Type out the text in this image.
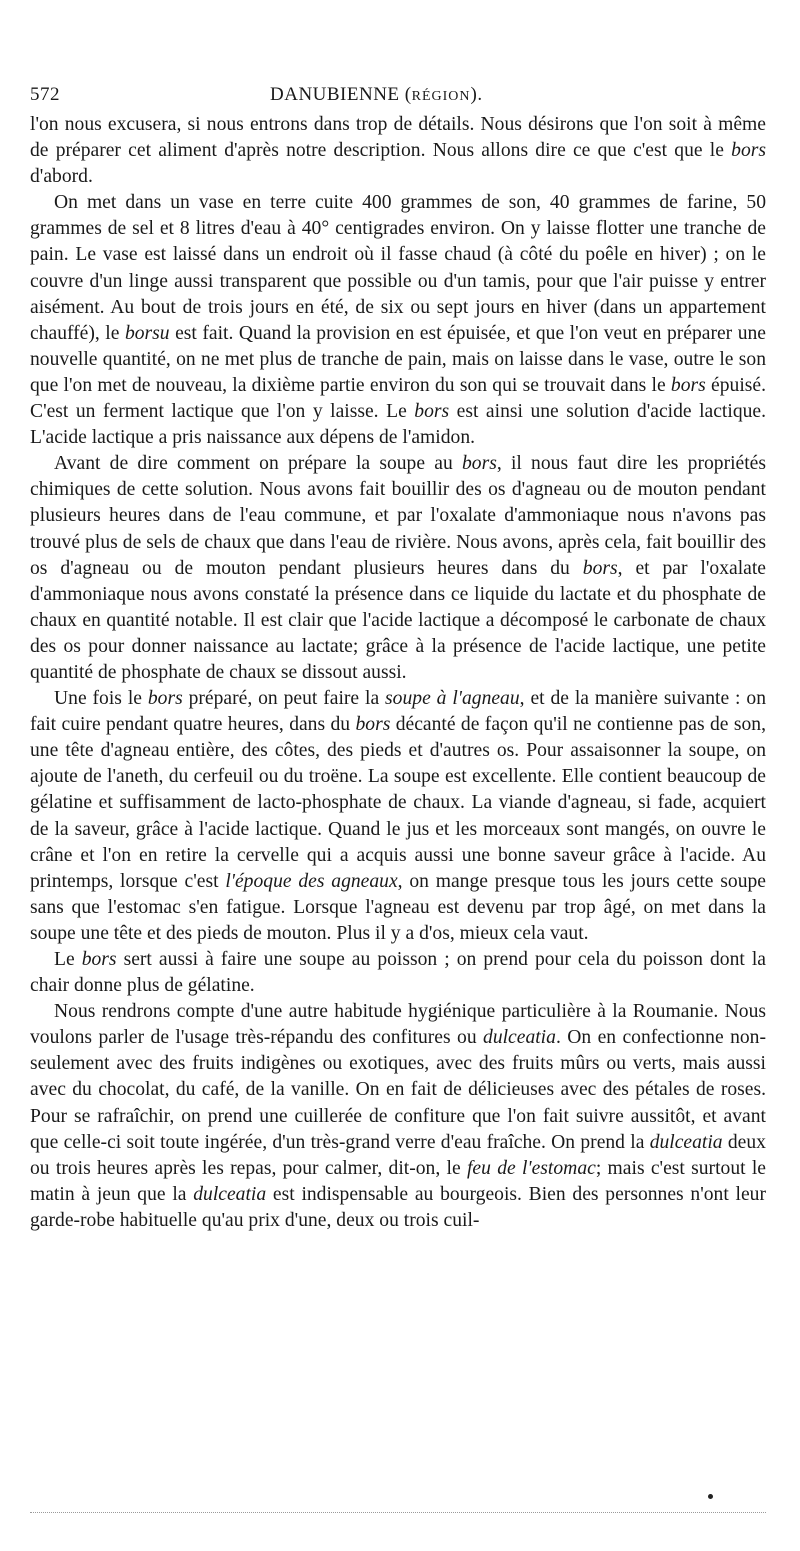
572	DANUBIENNE (RÉGION).

l'on nous excusera, si nous entrons dans trop de détails. Nous désirons que l'on soit à même de préparer cet aliment d'après notre description. Nous allons dire ce que c'est que le bors d'abord.

On met dans un vase en terre cuite 400 grammes de son, 40 grammes de farine, 50 grammes de sel et 8 litres d'eau à 40° centigrades environ. On y laisse flotter une tranche de pain. Le vase est laissé dans un endroit où il fasse chaud (à côté du poêle en hiver) ; on le couvre d'un linge aussi transparent que possible ou d'un tamis, pour que l'air puisse y entrer aisément. Au bout de trois jours en été, de six ou sept jours en hiver (dans un appartement chauffé), le borsu est fait. Quand la provision en est épuisée, et que l'on veut en préparer une nouvelle quantité, on ne met plus de tranche de pain, mais on laisse dans le vase, outre le son que l'on met de nouveau, la dixième partie environ du son qui se trouvait dans le bors épuisé. C'est un ferment lactique que l'on y laisse. Le bors est ainsi une solution d'acide lactique. L'acide lactique a pris naissance aux dépens de l'amidon.

Avant de dire comment on prépare la soupe au bors, il nous faut dire les propriétés chimiques de cette solution. Nous avons fait bouillir des os d'agneau ou de mouton pendant plusieurs heures dans de l'eau commune, et par l'oxalate d'ammoniaque nous n'avons pas trouvé plus de sels de chaux que dans l'eau de rivière. Nous avons, après cela, fait bouillir des os d'agneau ou de mouton pendant plusieurs heures dans du bors, et par l'oxalate d'ammoniaque nous avons constaté la présence dans ce liquide du lactate et du phosphate de chaux en quantité notable. Il est clair que l'acide lactique a décomposé le carbonate de chaux des os pour donner naissance au lactate; grâce à la présence de l'acide lactique, une petite quantité de phosphate de chaux se dissout aussi.

Une fois le bors préparé, on peut faire la soupe à l'agneau, et de la manière suivante : on fait cuire pendant quatre heures, dans du bors décanté de façon qu'il ne contienne pas de son, une tête d'agneau entière, des côtes, des pieds et d'autres os. Pour assaisonner la soupe, on ajoute de l'aneth, du cerfeuil ou du troëne. La soupe est excellente. Elle contient beaucoup de gélatine et suffisamment de lacto-phosphate de chaux. La viande d'agneau, si fade, acquiert de la saveur, grâce à l'acide lactique. Quand le jus et les morceaux sont mangés, on ouvre le crâne et l'on en retire la cervelle qui a acquis aussi une bonne saveur grâce à l'acide. Au printemps, lorsque c'est l'époque des agneaux, on mange presque tous les jours cette soupe sans que l'estomac s'en fatigue. Lorsque l'agneau est devenu par trop âgé, on met dans la soupe une tête et des pieds de mouton. Plus il y a d'os, mieux cela vaut.

Le bors sert aussi à faire une soupe au poisson ; on prend pour cela du poisson dont la chair donne plus de gélatine.

Nous rendrons compte d'une autre habitude hygiénique particulière à la Roumanie. Nous voulons parler de l'usage très-répandu des confitures ou dulceatia. On en confectionne non-seulement avec des fruits indigènes ou exotiques, avec des fruits mûrs ou verts, mais aussi avec du chocolat, du café, de la vanille. On en fait de délicieuses avec des pétales de roses. Pour se rafraîchir, on prend une cuillerée de confiture que l'on fait suivre aussitôt, et avant que celle-ci soit toute ingérée, d'un très-grand verre d'eau fraîche. On prend la dulceatia deux ou trois heures après les repas, pour calmer, dit-on, le feu de l'estomac; mais c'est surtout le matin à jeun que la dulceatia est indispensable au bourgeois. Bien des personnes n'ont leur garde-robe habituelle qu'au prix d'une, deux ou trois cuil-
